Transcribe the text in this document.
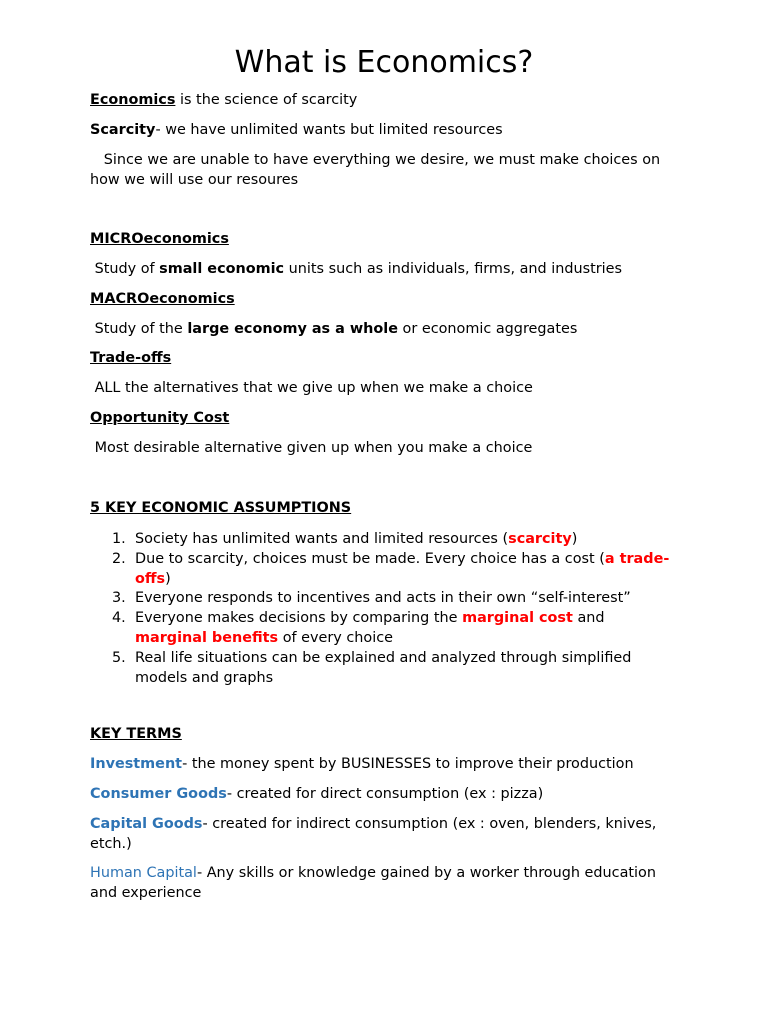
What is Economics?
Economics is the science of scarcity
Scarcity- we have unlimited wants but limited resources
Since we are unable to have everything we desire, we must make choices on how we will use our resoures
MICROeconomics
Study of small economic units such as individuals, firms, and industries
MACROeconomics
Study of the large economy as a whole or economic aggregates
Trade-offs
ALL the alternatives that we give up when we make a choice
Opportunity Cost
Most desirable alternative given up when you make a choice
5 KEY ECONOMIC ASSUMPTIONS
1. Society has unlimited wants and limited resources (scarcity)
2. Due to scarcity, choices must be made. Every choice has a cost (a trade-offs)
3. Everyone responds to incentives and acts in their own “self-interest”
4. Everyone makes decisions by comparing the marginal cost and marginal benefits of every choice
5. Real life situations can be explained and analyzed through simplified models and graphs
KEY TERMS
Investment- the money spent by BUSINESSES to improve their production
Consumer Goods- created for direct consumption (ex : pizza)
Capital Goods- created for indirect consumption (ex : oven, blenders, knives, etch.)
Human Capital- Any skills or knowledge gained by a worker through education and experience
